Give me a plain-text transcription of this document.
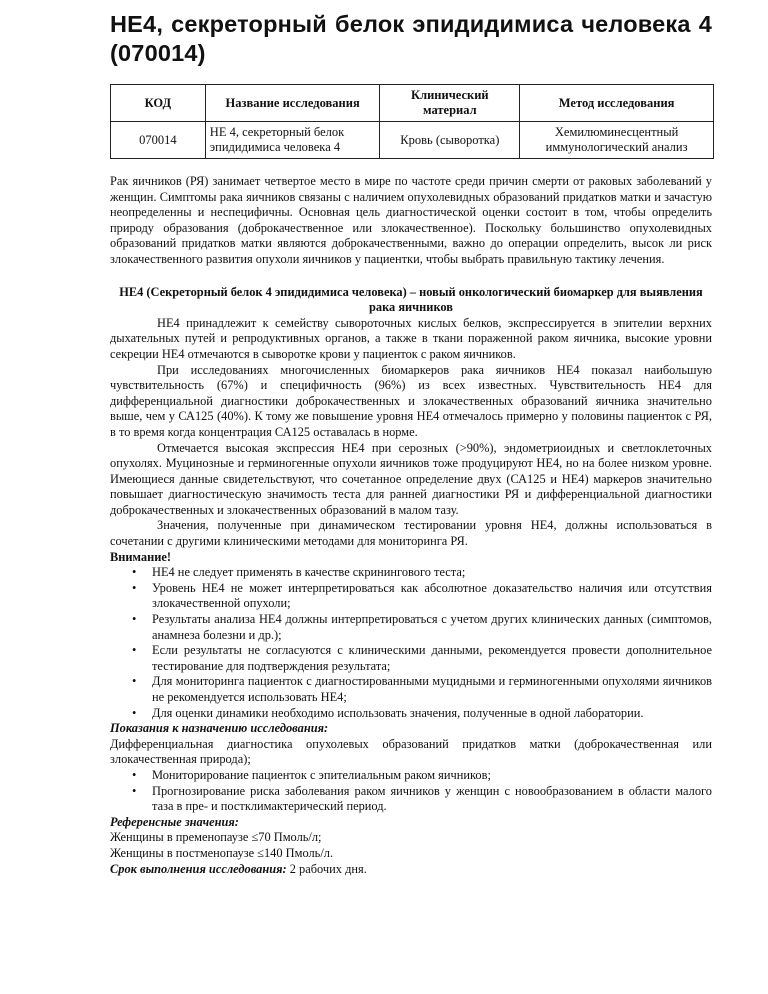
HE4, секреторный белок эпидидимиса человека 4 (070014)
КОД	Название исследования	Клинический материал	Метод исследования
070014	НЕ 4, секреторный белок эпидидимиса человека 4	Кровь (сыворотка)	Хемилюминесцентный иммунологический анализ

Рак яичников (РЯ) занимает четвертое место в мире по частоте среди причин смерти от раковых заболеваний у женщин. Симптомы рака яичников связаны с наличием опухолевидных образований придатков матки и зачастую неопределенны и неспецифичны. Основная цель диагностической оценки состоит в том, чтобы определить природу образования (доброкачественное или злокачественное). Поскольку большинство опухолевидных образований придатков матки являются доброкачественными, важно до операции определить, высок ли риск злокачественного развития опухоли яичников у пациентки, чтобы выбрать правильную тактику лечения.

НЕ4 (Секреторный белок 4 эпидидимиса человека) – новый онкологический биомаркер для выявления рака яичников

НЕ4 принадлежит к семейству сывороточных кислых белков, экспрессируется в эпителии верхних дыхательных путей и репродуктивных органов, а также в ткани пораженной раком яичника, высокие уровни секреции НЕ4 отмечаются в сыворотке крови у пациенток с раком яичников.

При исследованиях многочисленных биомаркеров рака яичников НЕ4 показал наибольшую чувствительность (67%) и специфичность (96%) из всех известных. Чувствительность НЕ4 для дифференциальной диагностики доброкачественных и злокачественных образований яичника значительно выше, чем у СА125 (40%). К тому же повышение уровня НЕ4 отмечалось примерно у половины пациенток с РЯ, в то время когда концентрация СА125 оставалась в норме.

Отмечается высокая экспрессия НЕ4 при серозных (>90%), эндометриоидных и светлоклеточных опухолях. Муцинозные и герминогенные опухоли яичников тоже продуцируют НЕ4, но на более низком уровне. Имеющиеся данные свидетельствуют, что сочетанное определение двух (СА125 и НЕ4) маркеров значительно повышает диагностическую значимость теста для ранней диагностики РЯ и дифференциальной диагностики доброкачественных и злокачественных образований в малом тазу.

Значения, полученные при динамическом тестировании уровня НЕ4, должны использоваться в сочетании с другими клиническими методами для мониторинга РЯ.

Внимание!

• НЕ4 не следует применять в качестве скринингового теста;
• Уровень НЕ4 не может интерпретироваться как абсолютное доказательство наличия или отсутствия злокачественной опухоли;
• Результаты анализа НЕ4 должны интерпретироваться с учетом других клинических данных (симптомов, анамнеза болезни и др.);
• Если результаты не согласуются с клиническими данными, рекомендуется провести дополнительное тестирование для подтверждения результата;
• Для мониторинга пациенток с диагностированными муцидными и герминогенными опухолями яичников не рекомендуется использовать НЕ4;
• Для оценки динамики необходимо использовать значения, полученные в одной лаборатории.

Показания к назначению исследования:

Дифференциальная диагностика опухолевых образований придатков матки (доброкачественная или злокачественная природа);

• Мониторирование пациенток с эпителиальным раком яичников;
• Прогнозирование риска заболевания раком яичников у женщин с новообразованием в области малого таза в пре- и постклимактерический период.

Референсные значения:

Женщины в пременопаузе ≤70 Пмоль/л;

Женщины в постменопаузе ≤140 Пмоль/л.

Срок выполнения исследования: 2 рабочих дня.
